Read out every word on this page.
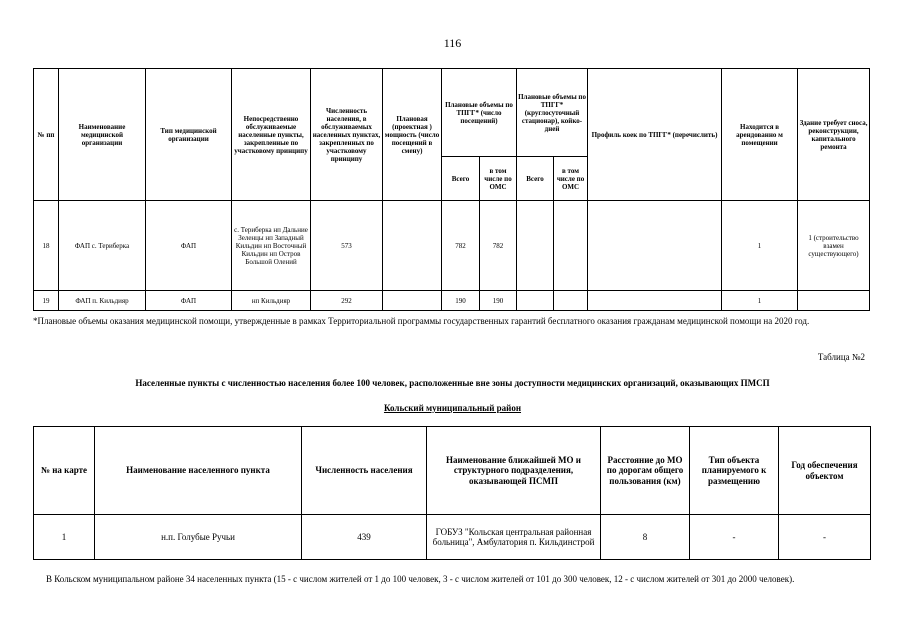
116
№ пп	Наименование медицинской организации	Тип медицинской организации	Непосредственно обслуживаемые населенные пункты, закрепленные по участковому принципу	Численность населения, в обслуживаемых населенных пунктах, закрепленных по участковому принципу	Плановая (проектная ) мощность (число посещений в смену)	Плановые объемы по ТПГГ* (число посещений)		Плановые объемы по ТПГГ* (круглосуточный стационар), койко-дней		Профиль коек по ТПГГ* (перечислить)	Находится в арендованно м помещении	Здание требует сноса, реконструкции, капитального ремонта
						Всего	в том числе по ОМС	Всего	в том числе по ОМС			
18	ФАП с. Териберка	ФАП	с. Териберка нп Дальние Зеленцы нп Западный Кильдин нп Восточный Кильдин нп Остров Большой Олений	573		782	782				1	1 (строительство взамен существующего)
19	ФАП п. Кильдияр	ФАП	нп Кильдияр	292		190	190				1	
*Плановые объемы оказания медицинской помощи, утвержденные в рамках Территориальной программы государственных гарантий бесплатного оказания гражданам медицинской помощи на 2020 год.
Таблица №2
Населенные пункты с численностью населения более 100 человек, расположенные вне зоны доступности медицинских организаций, оказывающих ПМСП
Кольский муниципальный район
№ на карте	Наименование населенного пункта	Численность населения	Наименование ближайшей МО и структурного подразделения, оказывающей ПСМП	Расстояние до МО по дорогам общего пользования (км)	Тип объекта планируемого к размещению	Год обеспечения объектом
1	н.п. Голубые Ручьи	439	ГОБУЗ "Кольская центральная районная больница", Амбулатория п. Кильдинстрой	8	-	-
В Кольском муниципальном районе 34 населенных пункта (15 - с числом жителей от 1 до 100 человек, 3 - с числом жителей от 101 до 300 человек, 12 - с числом жителей от 301 до 2000 человек).
